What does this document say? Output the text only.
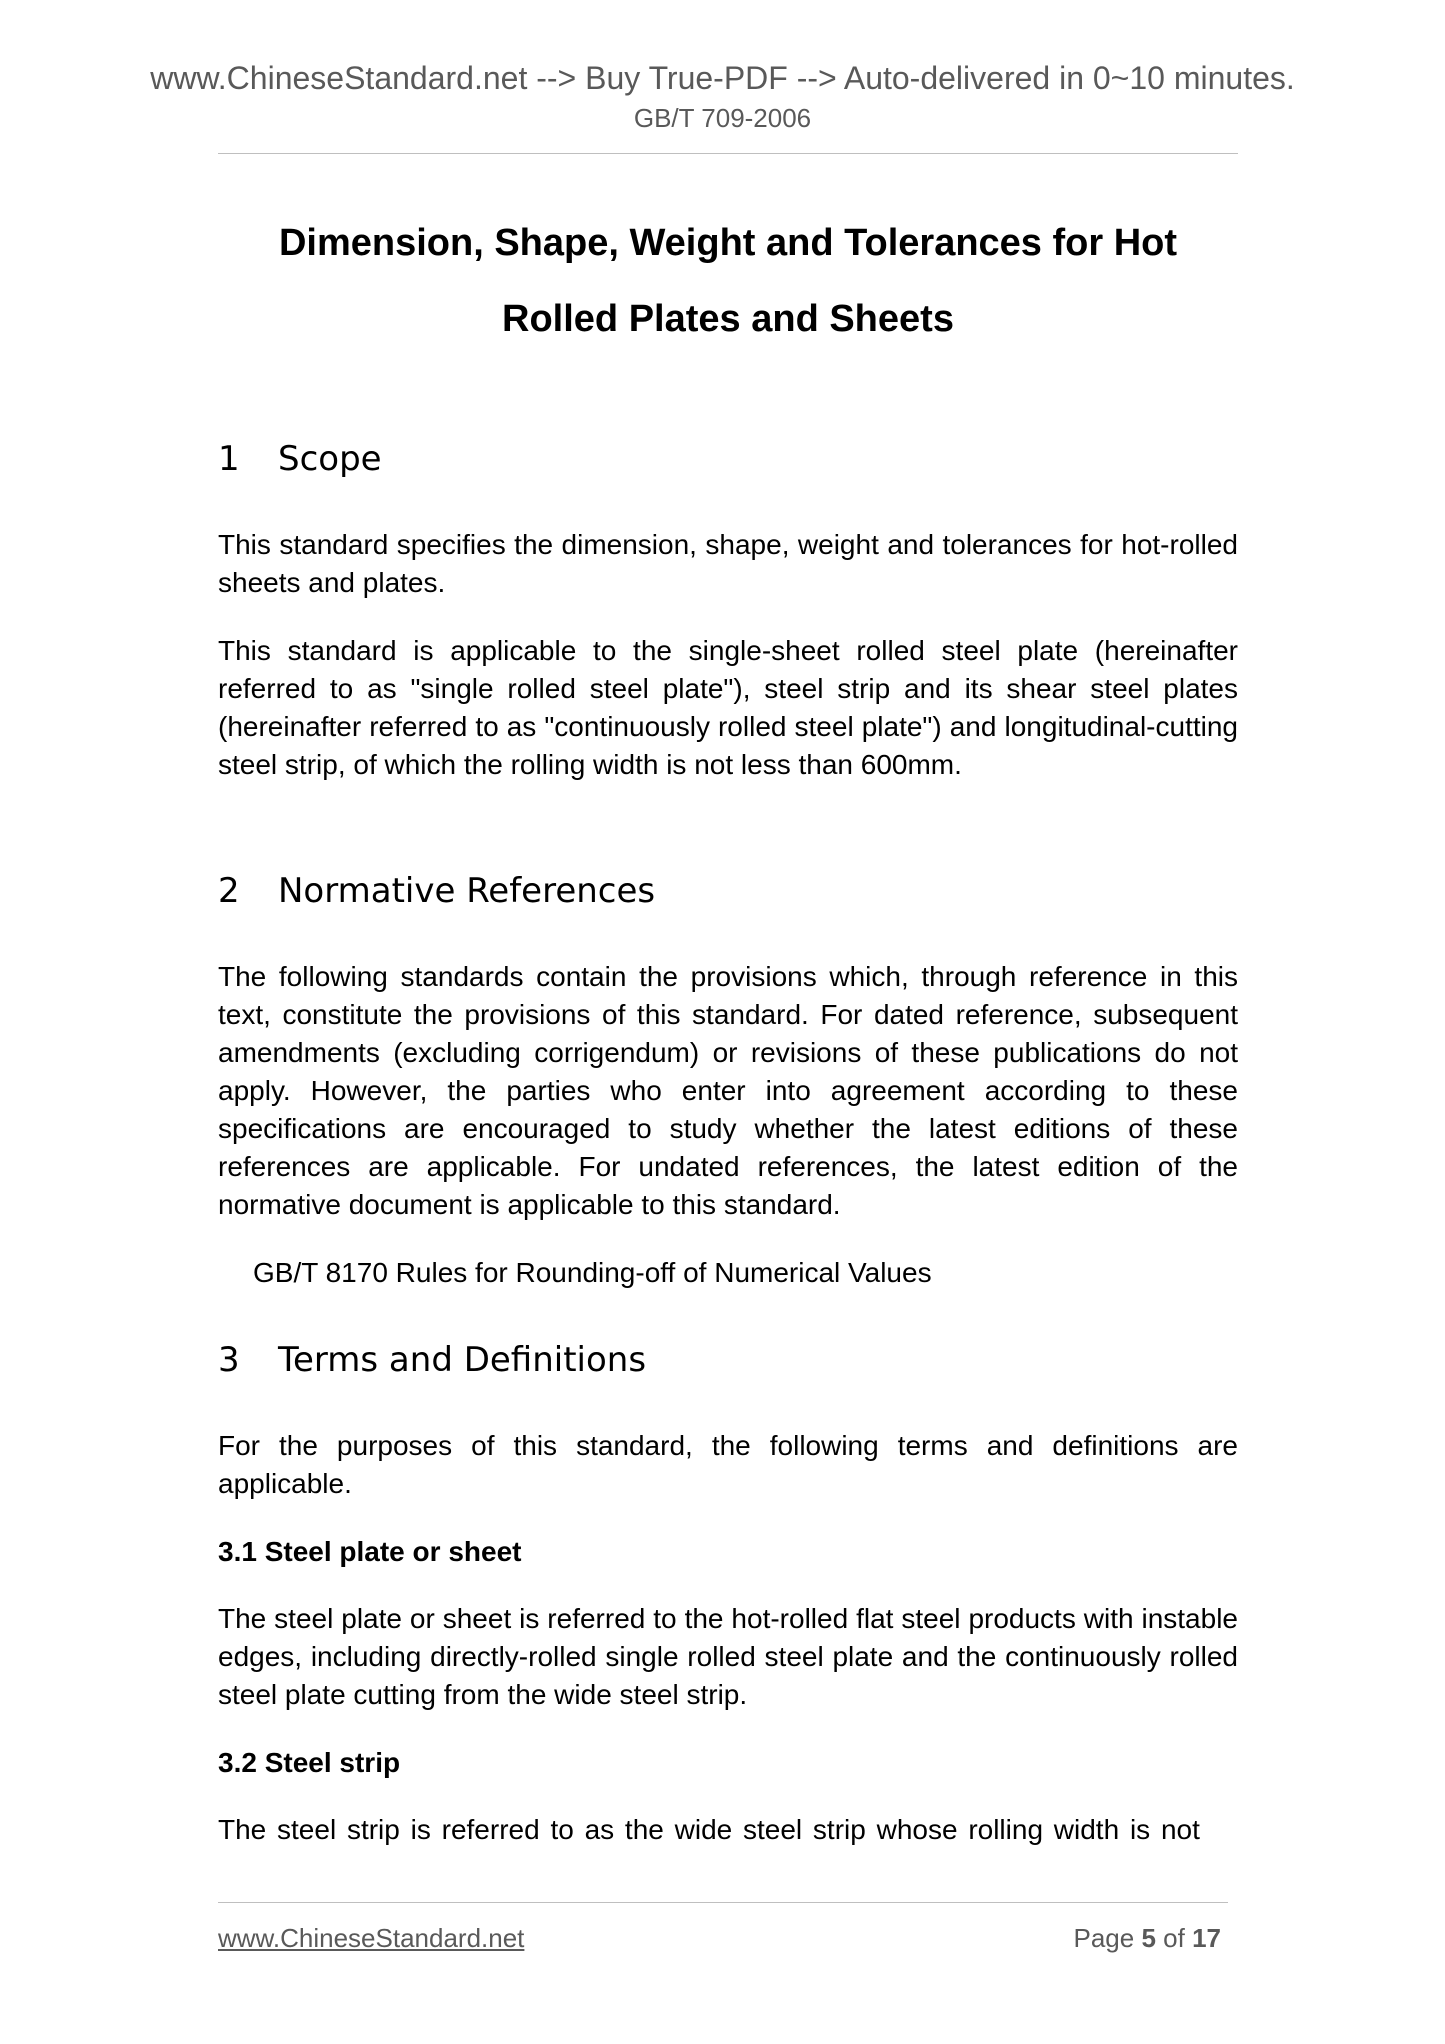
www.ChineseStandard.net --> Buy True-PDF --> Auto-delivered in 0~10 minutes.
GB/T 709-2006
Dimension, Shape, Weight and Tolerances for Hot
Rolled Plates and Sheets
1 Scope
This standard specifies the dimension, shape, weight and tolerances for hot-rolled sheets and plates.
This standard is applicable to the single-sheet rolled steel plate (hereinafter referred to as "single rolled steel plate"), steel strip and its shear steel plates (hereinafter referred to as "continuously rolled steel plate") and longitudinal-cutting steel strip, of which the rolling width is not less than 600mm.
2 Normative References
The following standards contain the provisions which, through reference in this text, constitute the provisions of this standard. For dated reference, subsequent amendments (excluding corrigendum) or revisions of these publications do not apply. However, the parties who enter into agreement according to these specifications are encouraged to study whether the latest editions of these references are applicable. For undated references, the latest edition of the normative document is applicable to this standard.
GB/T 8170 Rules for Rounding-off of Numerical Values
3 Terms and Definitions
For the purposes of this standard, the following terms and definitions are applicable.
3.1 Steel plate or sheet
The steel plate or sheet is referred to the hot-rolled flat steel products with instable edges, including directly-rolled single rolled steel plate and the continuously rolled steel plate cutting from the wide steel strip.
3.2 Steel strip
The steel strip is referred to as the wide steel strip whose rolling width is not
www.ChineseStandard.net	Page 5 of 17
